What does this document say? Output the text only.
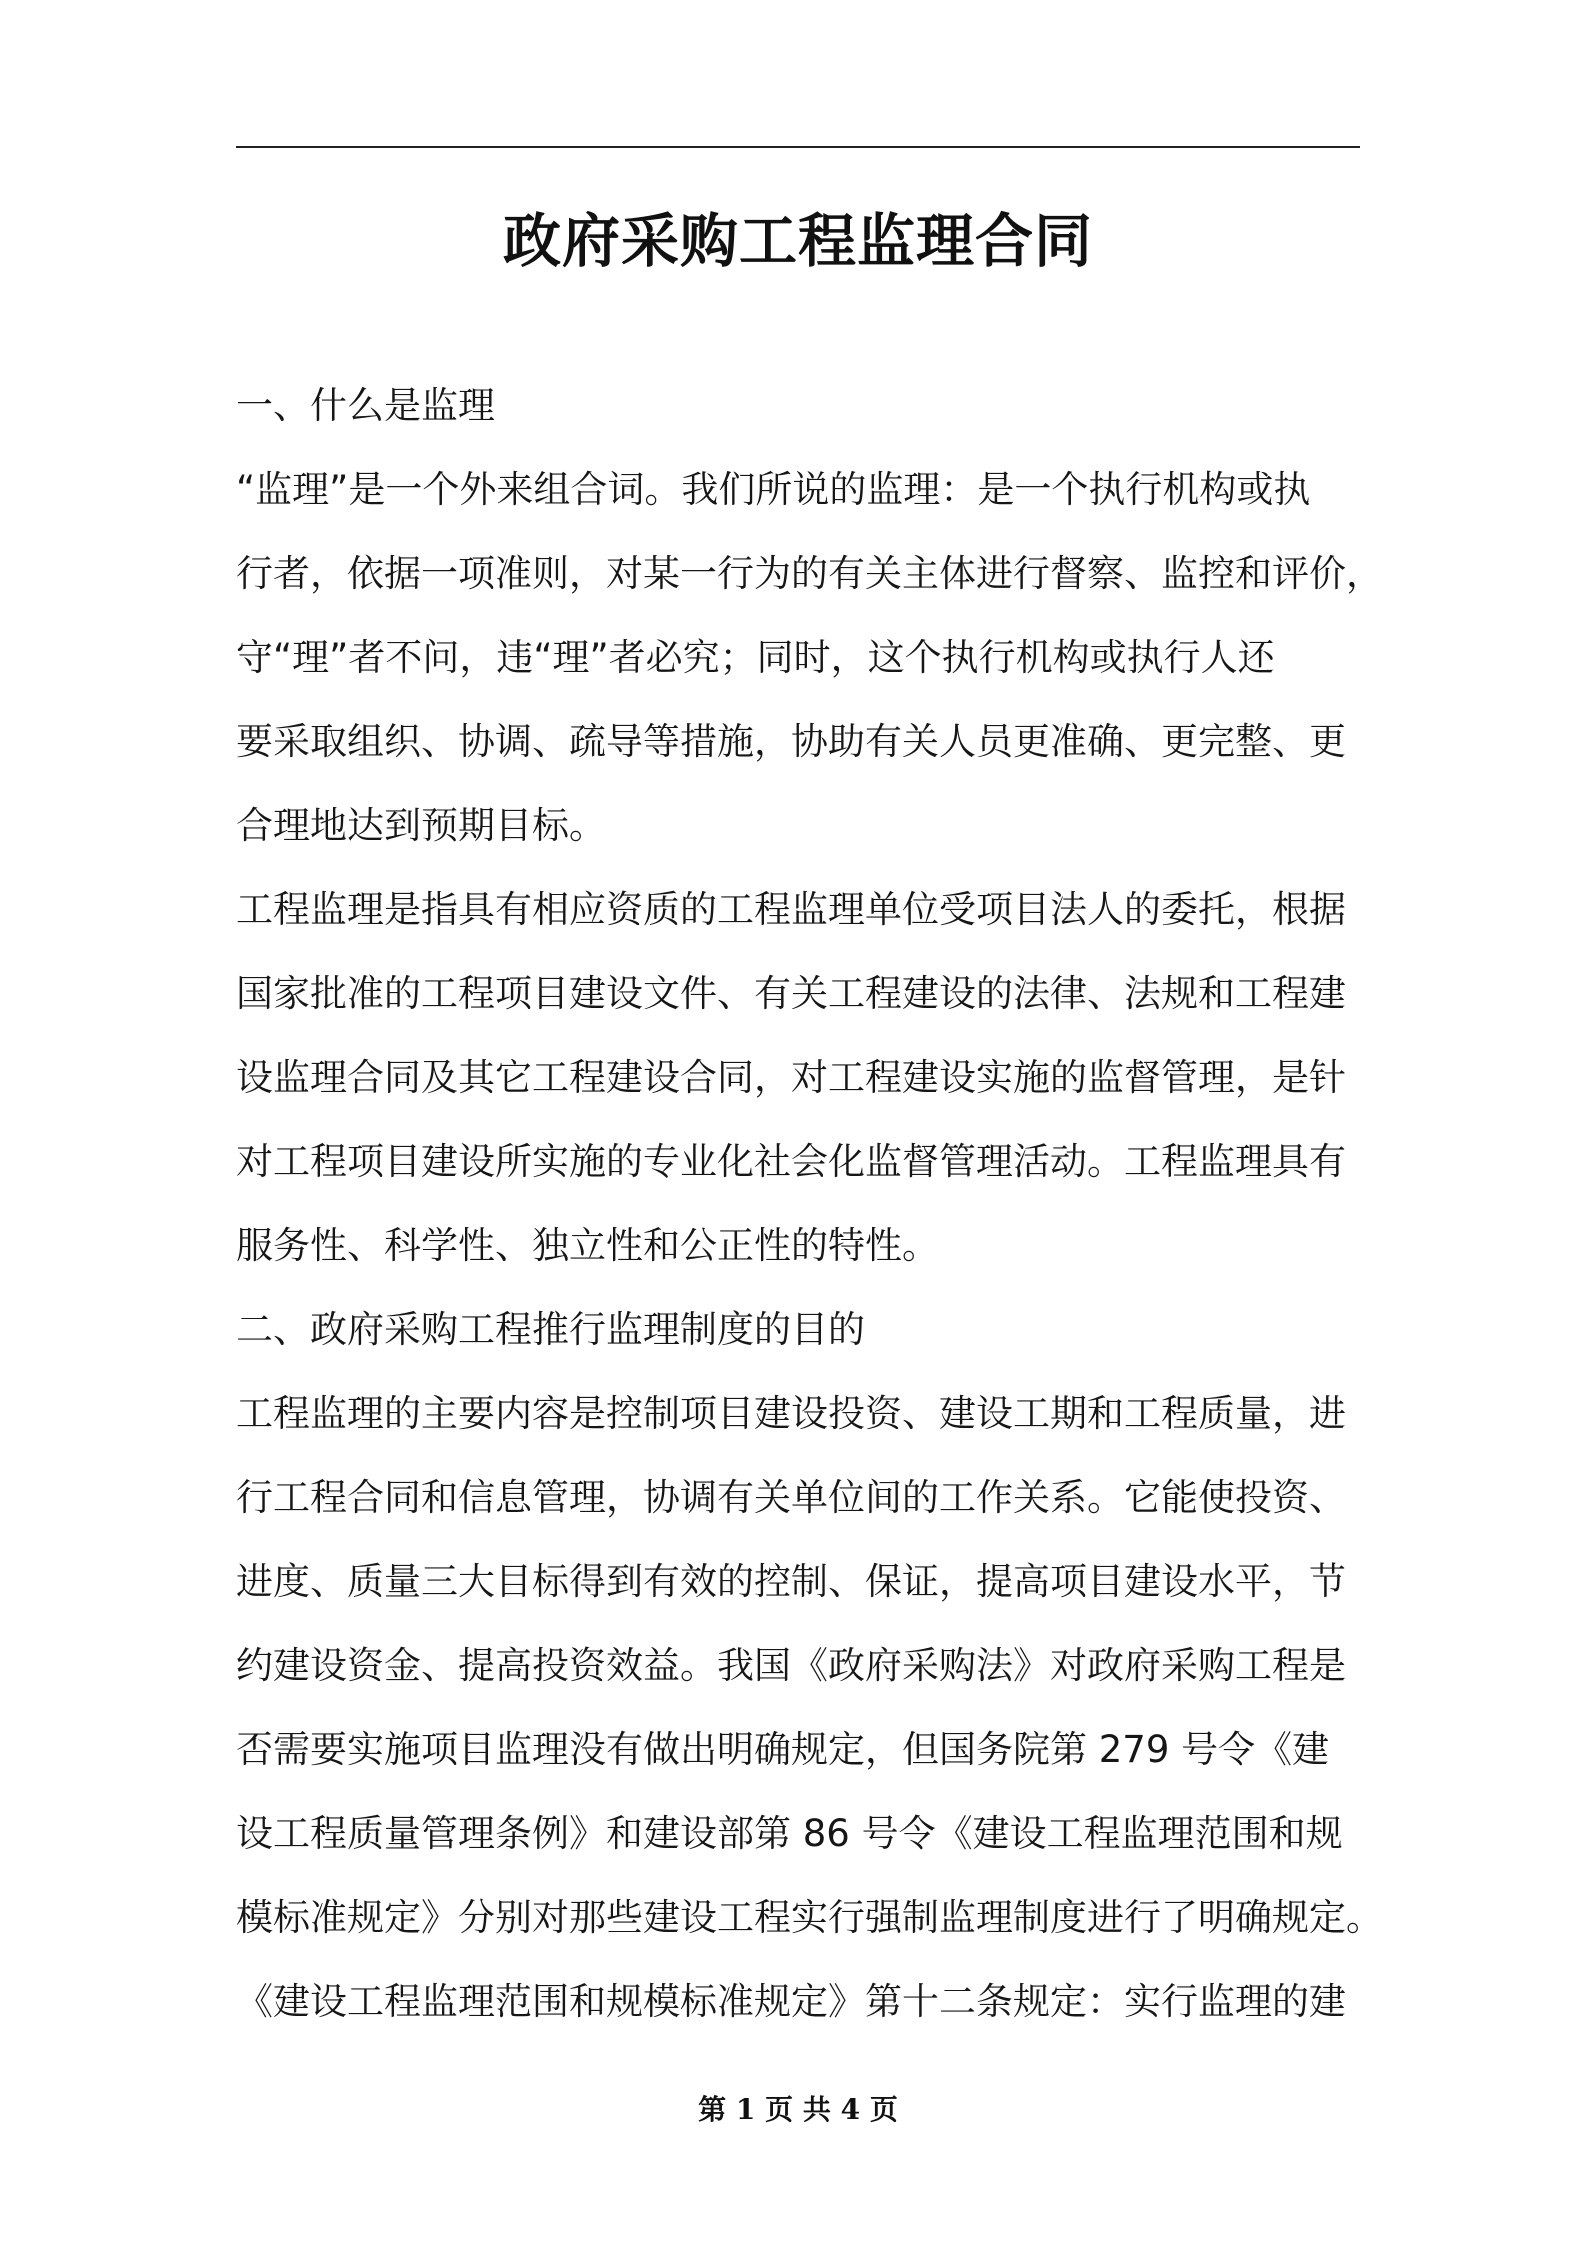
政府采购工程监理合同
一、什么是监理
“监理”是一个外来组合词。我们所说的监理：是一个执行机构或执
行者，依据一项准则，对某一行为的有关主体进行督察、监控和评价，
守“理”者不问，违“理”者必究；同时，这个执行机构或执行人还
要采取组织、协调、疏导等措施，协助有关人员更准确、更完整、更
合理地达到预期目标。
工程监理是指具有相应资质的工程监理单位受项目法人的委托，根据
国家批准的工程项目建设文件、有关工程建设的法律、法规和工程建
设监理合同及其它工程建设合同，对工程建设实施的监督管理，是针
对工程项目建设所实施的专业化社会化监督管理活动。工程监理具有
服务性、科学性、独立性和公正性的特性。
二、政府采购工程推行监理制度的目的
工程监理的主要内容是控制项目建设投资、建设工期和工程质量，进
行工程合同和信息管理，协调有关单位间的工作关系。它能使投资、
进度、质量三大目标得到有效的控制、保证，提高项目建设水平，节
约建设资金、提高投资效益。我国《政府采购法》对政府采购工程是
否需要实施项目监理没有做出明确规定，但国务院第 279 号令《建
设工程质量管理条例》和建设部第 86 号令《建设工程监理范围和规
模标准规定》分别对那些建设工程实行强制监理制度进行了明确规定。
《建设工程监理范围和规模标准规定》第十二条规定：实行监理的建
第 1 页 共 4 页
